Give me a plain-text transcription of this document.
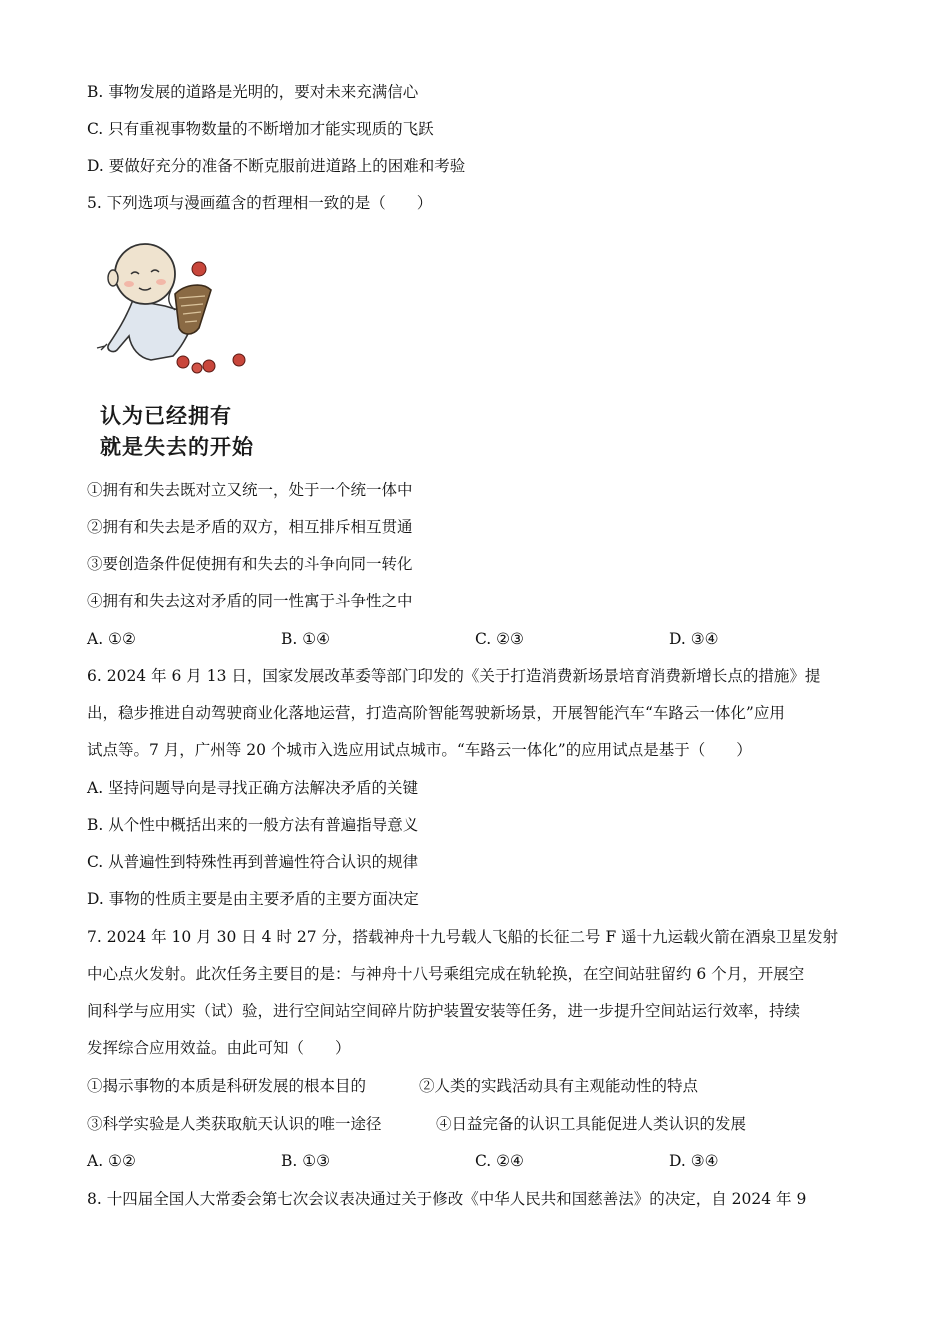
B. 事物发展的道路是光明的，要对未来充满信心
C. 只有重视事物数量的不断增加才能实现质的飞跃
D. 要做好充分的准备不断克服前进道路上的困难和考验
5. 下列选项与漫画蕴含的哲理相一致的是（　　）
认为已经拥有
就是失去的开始
①拥有和失去既对立又统一，处于一个统一体中
②拥有和失去是矛盾的双方，相互排斥相互贯通
③要创造条件促使拥有和失去的斗争向同一转化
④拥有和失去这对矛盾的同一性寓于斗争性之中
A. ①②	B. ①④	C. ②③	D. ③④
6. 2024 年 6 月 13 日，国家发展改革委等部门印发的《关于打造消费新场景培育消费新增长点的措施》提
出，稳步推进自动驾驶商业化落地运营，打造高阶智能驾驶新场景，开展智能汽车“车路云一体化”应用
试点等。7 月，广州等 20 个城市入选应用试点城市。“车路云一体化”的应用试点是基于（　　）
A. 坚持问题导向是寻找正确方法解决矛盾的关键
B. 从个性中概括出来的一般方法有普遍指导意义
C. 从普遍性到特殊性再到普遍性符合认识的规律
D. 事物的性质主要是由主要矛盾的主要方面决定
7. 2024 年 10 月 30 日 4 时 27 分，搭载神舟十九号载人飞船的长征二号 F 遥十九运载火箭在酒泉卫星发射
中心点火发射。此次任务主要目的是：与神舟十八号乘组完成在轨轮换，在空间站驻留约 6 个月，开展空
间科学与应用实（试）验，进行空间站空间碎片防护装置安装等任务，进一步提升空间站运行效率，持续
发挥综合应用效益。由此可知（　　）
①揭示事物的本质是科研发展的根本目的	②人类的实践活动具有主观能动性的特点
③科学实验是人类获取航天认识的唯一途径	④日益完备的认识工具能促进人类认识的发展
A. ①②	B. ①③	C. ②④	D. ③④
8. 十四届全国人大常委会第七次会议表决通过关于修改《中华人民共和国慈善法》的决定，自 2024 年 9
